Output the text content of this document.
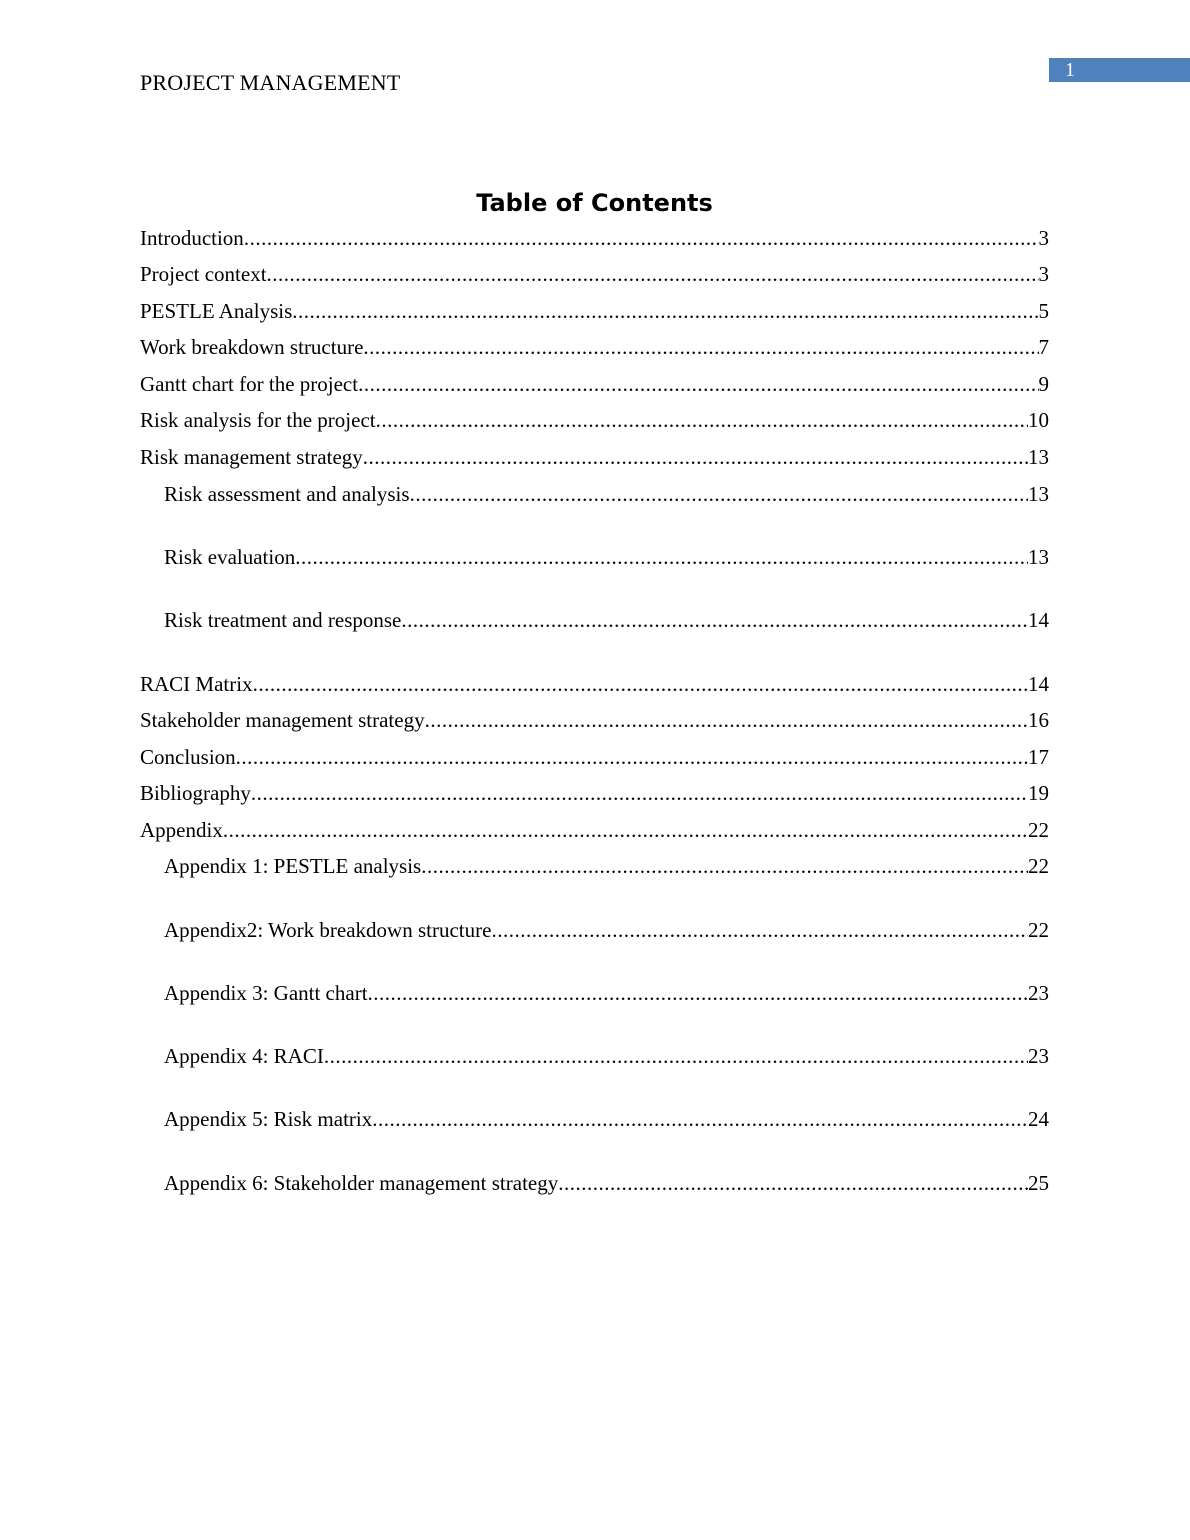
PROJECT MANAGEMENT	1
Table of Contents
Introduction .....	3
Project context .....	3
PESTLE Analysis .....	5
Work breakdown structure .....	7
Gantt chart for the project .....	9
Risk analysis for the project .....	10
Risk management strategy .....	13
Risk assessment and analysis .....	13
Risk evaluation .....	13
Risk treatment and response .....	14
RACI Matrix .....	14
Stakeholder management strategy .....	16
Conclusion .....	17
Bibliography .....	19
Appendix .....	22
Appendix 1: PESTLE analysis .....	22
Appendix2: Work breakdown structure .....	22
Appendix 3: Gantt chart .....	23
Appendix 4: RACI .....	23
Appendix 5: Risk matrix .....	24
Appendix 6: Stakeholder management strategy .....	25
